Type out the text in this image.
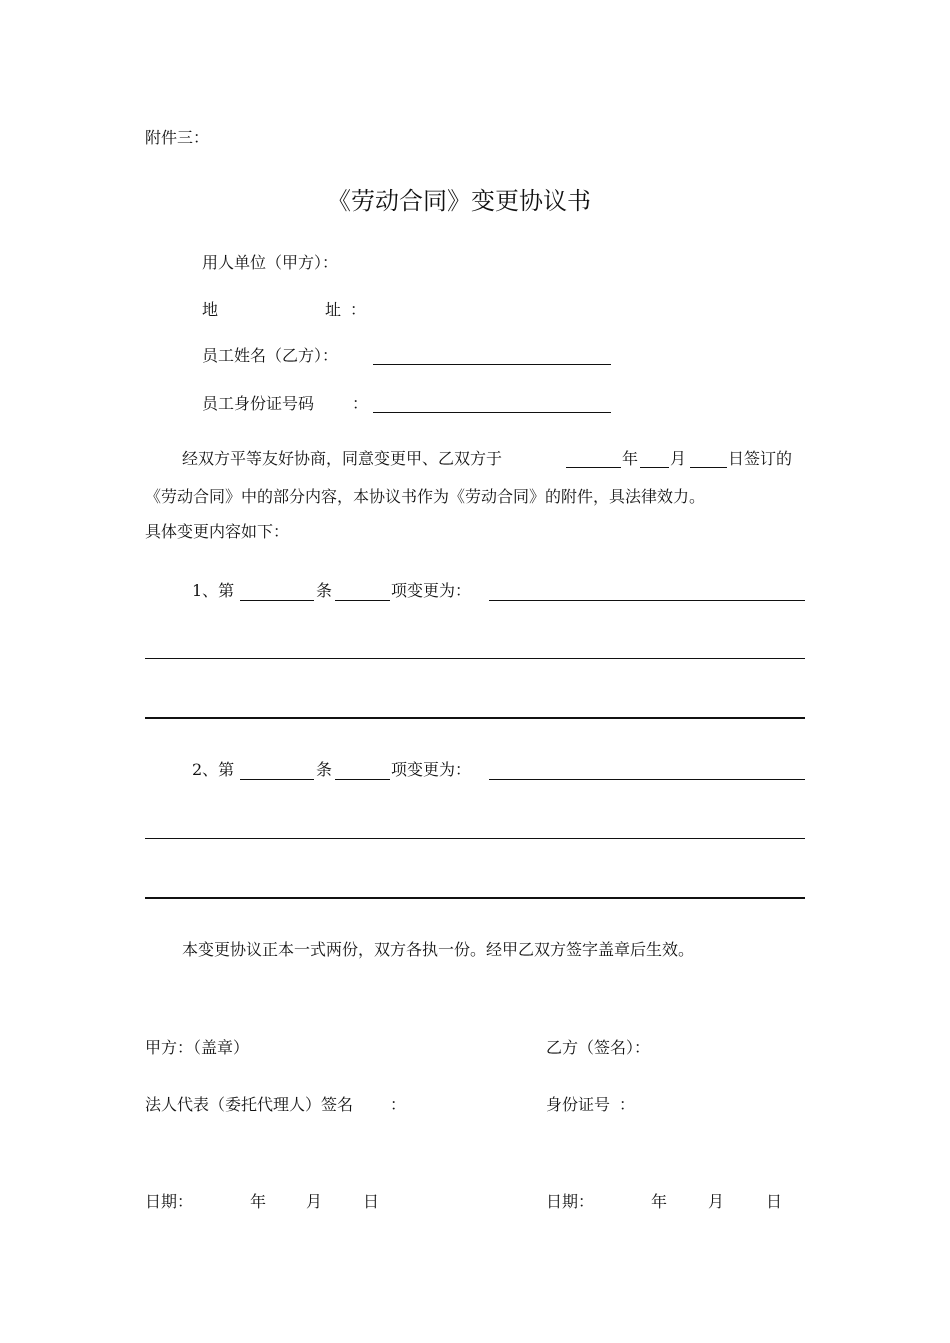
附件三：
《劳动合同》变更协议书
用人单位（甲方）：
地	址 ：
员工姓名（乙方）：
员工身份证号码 ：
经双方平等友好协商，同意变更甲、乙双方于	年 月	日签订的
《劳动合同》中的部分内容，本协议书作为《劳动合同》的附件，具法律效力。
具体变更内容如下：
1、第	条	项变更为：
2、第	条	项变更为：
本变更协议正本一式两份，双方各执一份。经甲乙双方签字盖章后生效。
甲方：（盖章）	乙方（签名）：
法人代表（委托代理人）签名 ：	身份证号 ：
日期：	年 月	日	日期：	年	月	日
